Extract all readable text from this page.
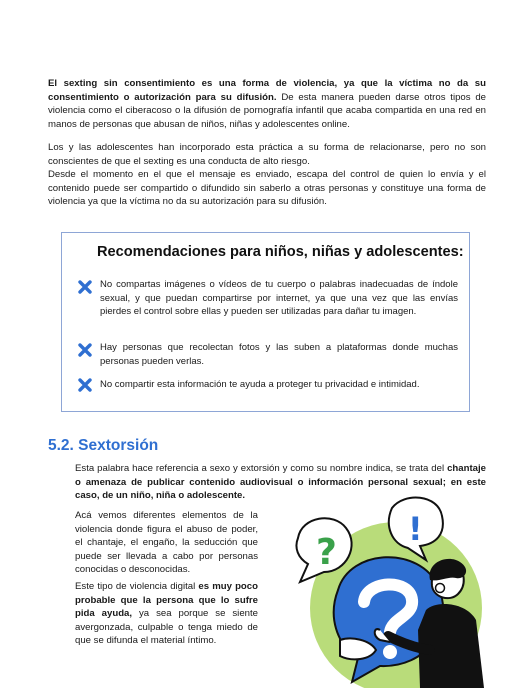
El sexting sin consentimiento es una forma de violencia, ya que la víctima no da su consentimiento o autorización para su difusión. De esta manera pueden darse otros tipos de violencia como el ciberacoso o la difusión de pornografía infantil que acaba compartida en una red en manos de personas que abusan de niños, niñas y adolescentes online.

Los y las adolescentes han incorporado esta práctica a su forma de relacionarse, pero no son conscientes de que el sexting es una conducta de alto riesgo.
Desde el momento en el que el mensaje es enviado, escapa del control de quien lo envía y el contenido puede ser compartido o difundido sin saberlo a otras personas y constituye una forma de violencia ya que la víctima no da su autorización para su difusión.

Recomendaciones para niños, niñas y adolescentes:

No compartas imágenes o vídeos de tu cuerpo o palabras inadecuadas de índole sexual, y que puedan compartirse por internet, ya que una vez que las envías pierdes el control sobre ellas y pueden ser utilizadas para dañar tu imagen.
Hay personas que recolectan fotos y las suben a plataformas donde muchas personas pueden verlas.
No compartir esta información te ayuda a proteger tu privacidad e intimidad.

5.2. Sextorsión

Esta palabra hace referencia a sexo y extorsión y como su nombre indica, se trata del chantaje o amenaza de publicar contenido audiovisual o información personal sexual; en este caso, de un niño, niña o adolescente.

Acá vemos diferentes elementos de la violencia donde figura el abuso de poder, el chantaje, el engaño, la seducción que puede ser llevada a cabo por personas conocidas o desconocidas.

Este tipo de violencia digital es muy poco probable que la persona que lo sufre pida ayuda, ya sea porque se siente avergonzada, culpable o tenga miedo de que se difunda el material íntimo.

?
!
